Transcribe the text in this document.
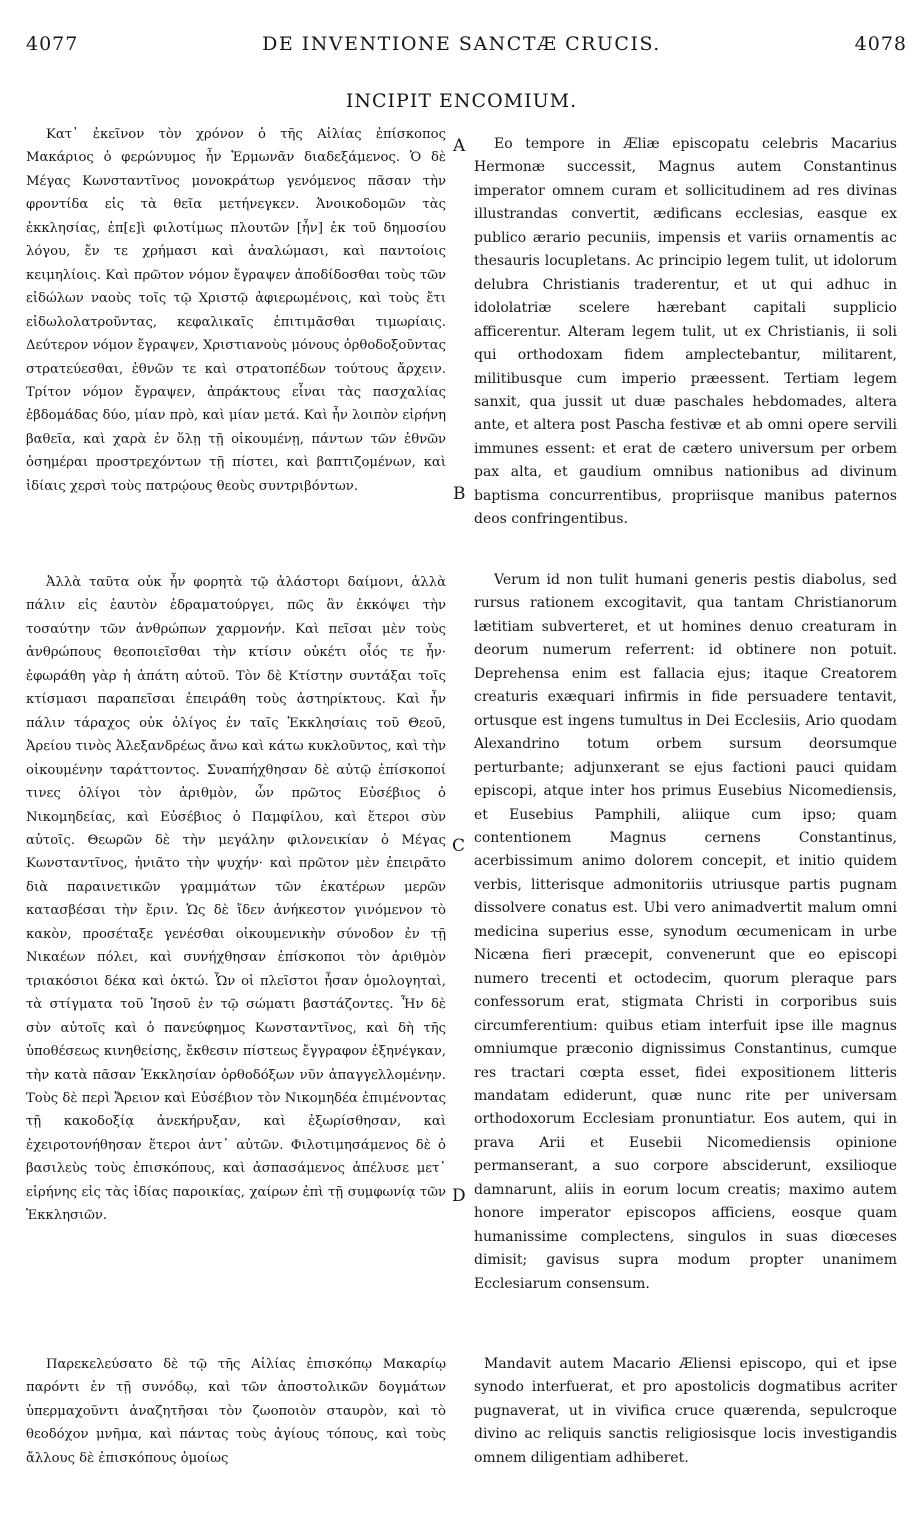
4077	DE INVENTIONE SANCTÆ CRUCIS.	4078
INCIPIT ENCOMIUM.

Κατ᾿ ἐκεῖνον τὸν χρόνον ὁ τῆς Αἰλίας ἐπίσκοπος Μακάριος ὁ φερώνυμος ἦν Ἑρμωνᾶν διαδεξάμενος. Ὁ δὲ Μέγας Κωνσταντῖνος μονοκράτωρ γενόμενος πᾶσαν τὴν φροντίδα εἰς τὰ θεῖα μετήνεγκεν. Ἀνοικοδομῶν τὰς ἐκκλησίας, ἐπ[ε]ὶ φιλοτίμως πλουτῶν [ἦν] ἐκ τοῦ δημοσίου λόγου, ἔν τε χρήμασι καὶ ἀναλώμασι, καὶ παντοίοις κειμηλίοις. Καὶ πρῶτον νόμον ἔγραψεν ἀποδίδοσθαι τοὺς τῶν εἰδώλων ναοὺς τοῖς τῷ Χριστῷ ἀφιερωμένοις, καὶ τοὺς ἔτι εἰδωλολατροῦντας, κεφαλικαῖς ἐπιτιμᾶσθαι τιμωρίαις. Δεύτερον νόμον ἔγραψεν, Χριστιανοὺς μόνους ὀρθοδοξοῦντας στρατεύεσθαι, ἐθνῶν τε καὶ στρατοπέδων τούτους ἄρχειν. Τρίτον νόμον ἔγραψεν, ἀπράκτους εἶναι τὰς πασχαλίας ἑβδομάδας δύο, μίαν πρὸ, καὶ μίαν μετά. Καὶ ἦν λοιπὸν εἰρήνη βαθεῖα, καὶ χαρὰ ἐν ὅλῃ τῇ οἰκουμένῃ, πάντων τῶν ἐθνῶν ὁσημέραι προστρεχόντων τῇ πίστει, καὶ βαπτιζομένων, καὶ ἰδίαις χερσὶ τοὺς πατρῴους θεοὺς συντριβόντων.

Ἀλλὰ ταῦτα οὐκ ἦν φορητὰ τῷ ἀλάστορι δαίμονι, ἀλλὰ πάλιν εἰς ἑαυτὸν ἐδραματούργει, πῶς ἂν ἐκκόψει τὴν τοσαύτην τῶν ἀνθρώπων χαρμονήν. Καὶ πεῖσαι μὲν τοὺς ἀνθρώπους θεοποιεῖσθαι τὴν κτίσιν οὐκέτι οἷός τε ἦν· ἐφωράθη γὰρ ἡ ἀπάτη αὐτοῦ. Τὸν δὲ Κτίστην συντάξαι τοῖς κτίσμασι παραπεῖσαι ἐπειράθη τοὺς ἀστηρίκτους. Καὶ ἦν πάλιν τάραχος οὐκ ὀλίγος ἐν ταῖς Ἐκκλησίαις τοῦ Θεοῦ, Ἀρείου τινὸς Ἀλεξανδρέως ἄνω καὶ κάτω κυκλοῦντος, καὶ τὴν οἰκουμένην ταράττοντος. Συναπήχθησαν δὲ αὐτῷ ἐπίσκοποί τινες ὀλίγοι τὸν ἀριθμὸν, ὧν πρῶτος Εὐσέβιος ὁ Νικομηδείας, καὶ Εὐσέβιος ὁ Παμφίλου, καὶ ἕτεροι σὺν αὐτοῖς. Θεωρῶν δὲ τὴν μεγάλην φιλονεικίαν ὁ Μέγας Κωνσταντῖνος, ἠνιᾶτο τὴν ψυχήν· καὶ πρῶτον μὲν ἐπειρᾶτο διὰ παραινετικῶν γραμμάτων τῶν ἑκατέρων μερῶν κατασβέσαι τὴν ἔριν. Ὡς δὲ ἴδεν ἀνήκεστον γινόμενον τὸ κακὸν, προσέταξε γενέσθαι οἰκουμενικὴν σύνοδον ἐν τῇ Νικαέων πόλει, καὶ συνήχθησαν ἐπίσκοποι τὸν ἀριθμὸν τριακόσιοι δέκα καὶ ὀκτώ. Ὧν οἱ πλεῖστοι ἦσαν ὁμολογηταὶ, τὰ στίγματα τοῦ Ἰησοῦ ἐν τῷ σώματι βαστάζοντες. Ἦν δὲ σὺν αὐτοῖς καὶ ὁ πανεύφημος Κωνσταντῖνος, καὶ δὴ τῆς ὑποθέσεως κινηθείσης, ἔκθεσιν πίστεως ἔγγραφον ἐξηνέγκαν, τὴν κατὰ πᾶσαν Ἐκκλησίαν ὀρθοδόξων νῦν ἀπαγγελλομένην. Τοὺς δὲ περὶ Ἄρειον καὶ Εὐσέβιον τὸν Νικομηδέα ἐπιμένοντας τῇ κακοδοξίᾳ ἀνεκήρυξαν, καὶ ἐξωρίσθησαν, καὶ ἐχειροτονήθησαν ἕτεροι ἀντ᾿ αὐτῶν. Φιλοτιμησάμενος δὲ ὁ βασιλεὺς τοὺς ἐπισκόπους, καὶ ἀσπασάμενος ἀπέλυσε μετ᾿ εἰρήνης εἰς τὰς ἰδίας παροικίας, χαίρων ἐπὶ τῇ συμφωνίᾳ τῶν Ἐκκλησιῶν.

Παρεκελεύσατο δὲ τῷ τῆς Αἰλίας ἐπισκόπῳ Μακαρίῳ παρόντι ἐν τῇ συνόδῳ, καὶ τῶν ἀποστολικῶν δογμάτων ὑπερμαχοῦντι ἀναζητῆσαι τὸν ζωοποιὸν σταυρὸν, καὶ τὸ θεοδόχον μνῆμα, καὶ πάντας τοὺς ἁγίους τόπους, καὶ τοὺς ἄλλους δὲ ἐπισκόπους ὁμοίως

Eo tempore in Æliæ episcopatu celebris Macarius Hermonæ successit, Magnus autem Constantinus imperator omnem curam et sollicitudinem ad res divinas illustrandas convertit, ædificans ecclesias, easque ex publico ærario pecuniis, impensis et variis ornamentis ac thesauris locupletans. Ac principio legem tulit, ut idolorum delubra Christianis traderentur, et ut qui adhuc in idololatriæ scelere hærebant capitali supplicio afficerentur. Alteram legem tulit, ut ex Christianis, ii soli qui orthodoxam fidem amplectebantur, militarent, militibusque cum imperio præessent. Tertiam legem sanxit, qua jussit ut duæ paschales hebdomades, altera ante, et altera post Pascha festivæ et ab omni opere servili immunes essent: et erat de cætero universum per orbem pax alta, et gaudium omnibus nationibus ad divinum baptisma concurrentibus, propriisque manibus paternos deos confringentibus.

Verum id non tulit humani generis pestis diabolus, sed rursus rationem excogitavit, qua tantam Christianorum lætitiam subverteret, et ut homines denuo creaturam in deorum numerum referrent: id obtinere non potuit. Deprehensa enim est fallacia ejus; itaque Creatorem creaturis exæquari infirmis in fide persuadere tentavit, ortusque est ingens tumultus in Dei Ecclesiis, Ario quodam Alexandrino totum orbem sursum deorsumque perturbante; adjunxerant se ejus factioni pauci quidam episcopi, atque inter hos primus Eusebius Nicomediensis, et Eusebius Pamphili, aliique cum ipso; quam contentionem Magnus cernens Constantinus, acerbissimum animo dolorem concepit, et initio quidem verbis, litterisque admonitoriis utriusque partis pugnam dissolvere conatus est. Ubi vero animadvertit malum omni medicina superius esse, synodum œcumenicam in urbe Nicæna fieri præcepit, convenerunt que eo episcopi numero trecenti et octodecim, quorum pleraque pars confessorum erat, stigmata Christi in corporibus suis circumferentium: quibus etiam interfuit ipse ille magnus omniumque præconio dignissimus Constantinus, cumque res tractari cœpta esset, fidei expositionem litteris mandatam ediderunt, quæ nunc rite per universam orthodoxorum Ecclesiam pronuntiatur. Eos autem, qui in prava Arii et Eusebii Nicomediensis opinione permanserant, a suo corpore absciderunt, exsilioque damnarunt, aliis in eorum locum creatis; maximo autem honore imperator episcopos afficiens, eosque quam humanissime complectens, singulos in suas diœceses dimisit; gavisus supra modum propter unanimem Ecclesiarum consensum.

Mandavit autem Macario Æliensi episcopo, qui et ipse synodo interfuerat, et pro apostolicis dogmatibus acriter pugnaverat, ut in vivifica cruce quærenda, sepulcroque divino ac reliquis sanctis religiosisque locis investigandis omnem diligentiam adhiberet.

A
B
C
D
